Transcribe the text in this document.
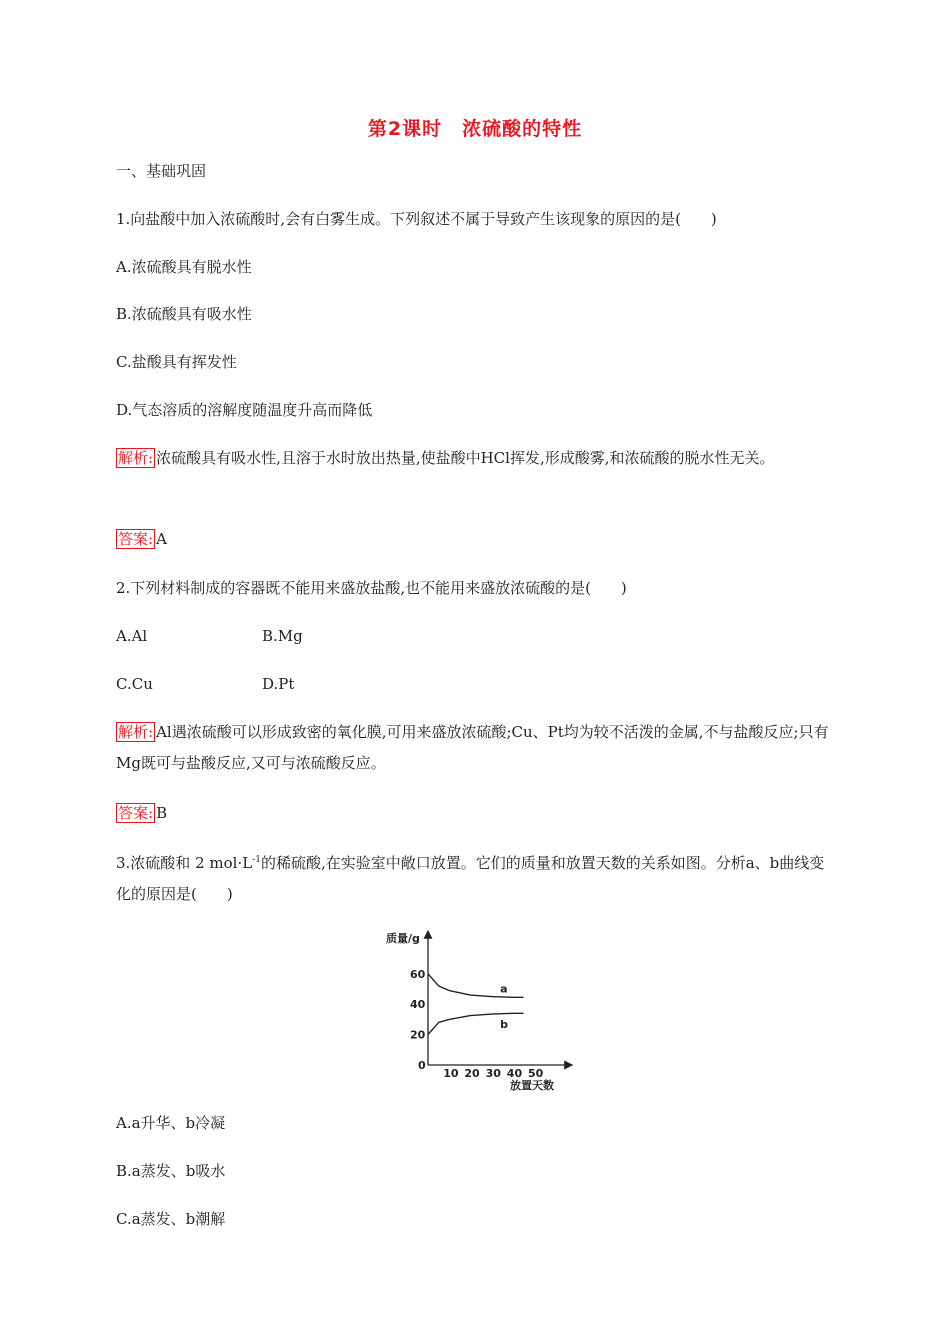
第2课时　浓硫酸的特性
一、基础巩固
1.向盐酸中加入浓硫酸时,会有白雾生成。下列叙述不属于导致产生该现象的原因的是(　　)
A.浓硫酸具有脱水性
B.浓硫酸具有吸水性
C.盐酸具有挥发性
D.气态溶质的溶解度随温度升高而降低
解析: 浓硫酸具有吸水性,且溶于水时放出热量,使盐酸中HCl挥发,形成酸雾,和浓硫酸的脱水性无关。
答案: A
2.下列材料制成的容器既不能用来盛放盐酸,也不能用来盛放浓硫酸的是(　　)
A.Al	B.Mg
C.Cu	D.Pt
解析: Al遇浓硫酸可以形成致密的氧化膜,可用来盛放浓硫酸;Cu、Pt均为较不活泼的金属,不与盐酸反应;只有Mg既可与盐酸反应,又可与浓硫酸反应。
答案: B
3.浓硫酸和 2 $mol\cdot L^{-1}$的稀硫酸,在实验室中敞口放置。它们的质量和放置天数的关系如图。分析a、b曲线变化的原因是(　　)
质量/g
放置天数
0
10 20 30 40 50
20
40
60
a
b
A.a升华、b冷凝
B.a蒸发、b吸水
C.a蒸发、b潮解
